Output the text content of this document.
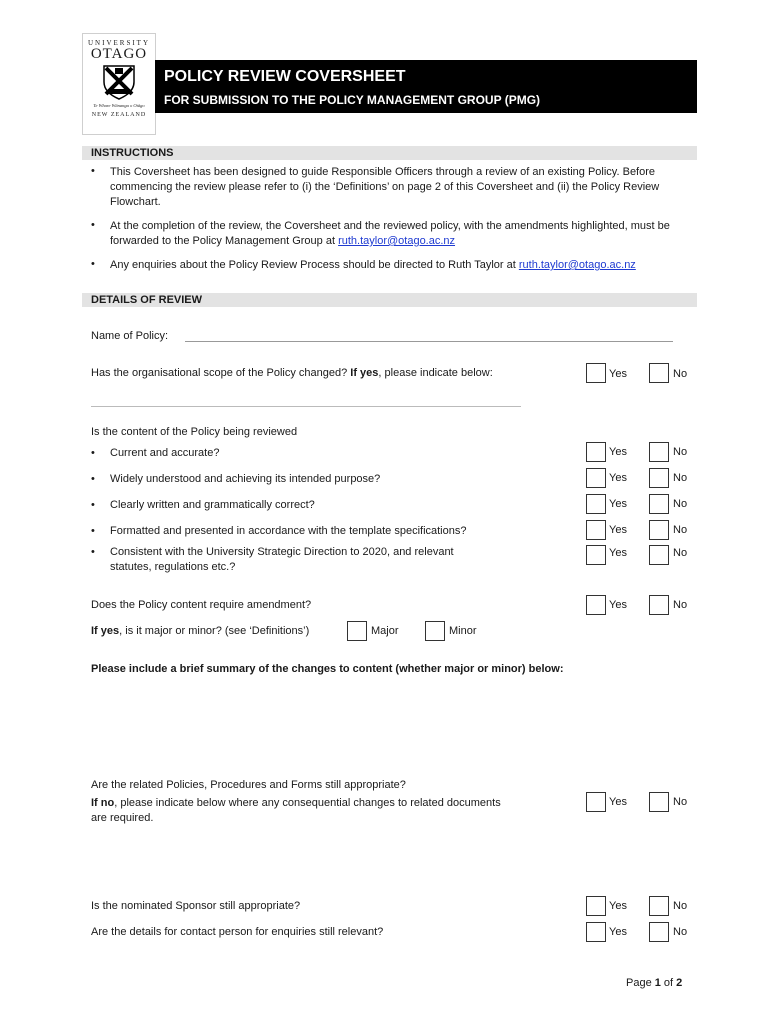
UNIVERSITY
OTAGO
Te Whare Wānanga o Otāgo
NEW ZEALAND
POLICY REVIEW COVERSHEET
FOR SUBMISSION TO THE POLICY MANAGEMENT GROUP (PMG)
INSTRUCTIONS
• This Coversheet has been designed to guide Responsible Officers through a review of an existing Policy. Before commencing the review please refer to (i) the ‘Definitions’ on page 2 of this Coversheet and (ii) the Policy Review Flowchart.
• At the completion of the review, the Coversheet and the reviewed policy, with the amendments highlighted, must be forwarded to the Policy Management Group at ruth.taylor@otago.ac.nz
• Any enquiries about the Policy Review Process should be directed to Ruth Taylor at ruth.taylor@otago.ac.nz
DETAILS OF REVIEW
Name of Policy:
Has the organisational scope of the Policy changed? If yes, please indicate below:	Yes	No
Is the content of the Policy being reviewed
• Current and accurate?	Yes	No
• Widely understood and achieving its intended purpose?	Yes	No
• Clearly written and grammatically correct?	Yes	No
• Formatted and presented in accordance with the template specifications?	Yes	No
• Consistent with the University Strategic Direction to 2020, and relevant
statutes, regulations etc.?
Yes	No
Does the Policy content require amendment?	Yes	No
If yes, is it major or minor? (see ‘Definitions’)	Major	Minor
Please include a brief summary of the changes to content (whether major or minor) below:
Are the related Policies, Procedures and Forms still appropriate?
If no, please indicate below where any consequential changes to related documents
are required.
Yes	No
Is the nominated Sponsor still appropriate?	Yes	No
Are the details for contact person for enquiries still relevant?	Yes	No
Page 1 of 2
